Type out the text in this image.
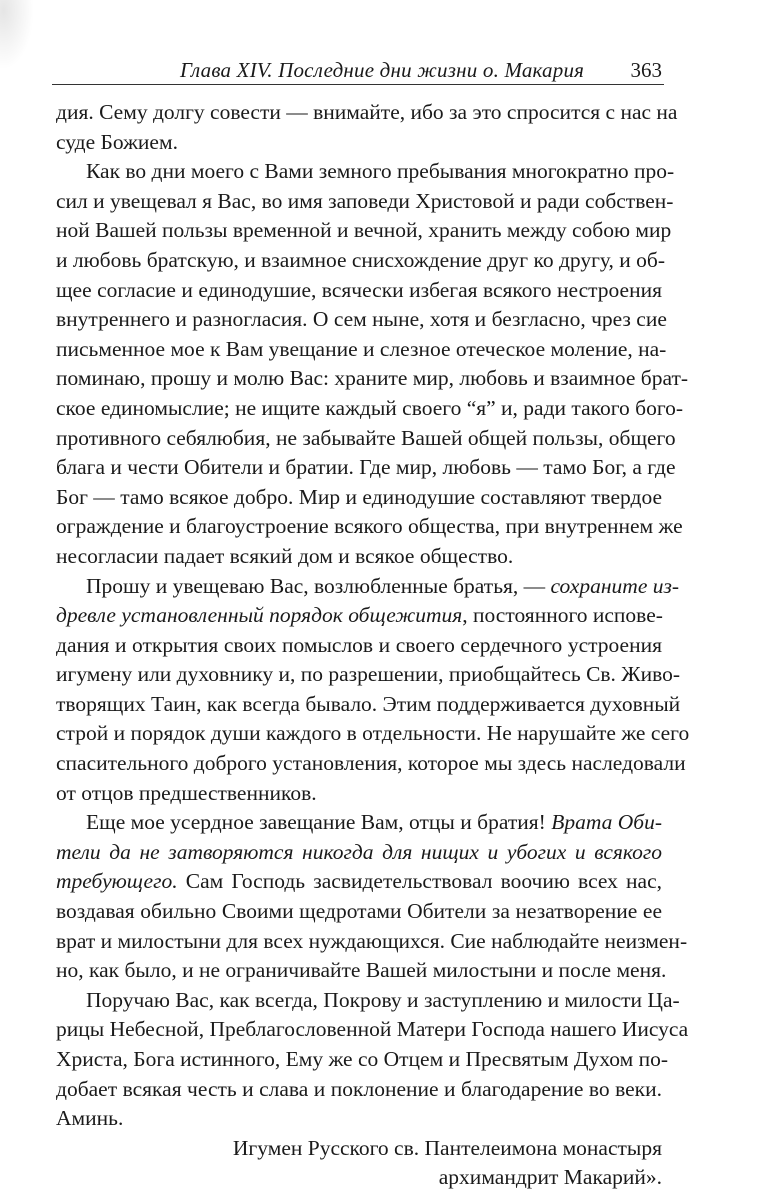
Глава XIV. Последние дни жизни о. Макария 363
дия. Сему долгу совести — внимайте, ибо за это спросится с нас на
суде Божием.
Как во дни моего с Вами земного пребывания многократно про-
сил и увещевал я Вас, во имя заповеди Христовой и ради собствен-
ной Вашей пользы временной и вечной, хранить между собою мир
и любовь братскую, и взаимное снисхождение друг ко другу, и об-
щее согласие и единодушие, всячески избегая всякого нестроения
внутреннего и разногласия. О сем ныне, хотя и безгласно, чрез сие
письменное мое к Вам увещание и слезное отеческое моление, на-
поминаю, прошу и молю Вас: храните мир, любовь и взаимное брат-
ское единомыслие; не ищите каждый своего “я” и, ради такого бого-
противного себялюбия, не забывайте Вашей общей пользы, общего
блага и чести Обители и братии. Где мир, любовь — тамо Бог, а где
Бог — тамо всякое добро. Мир и единодушие составляют твердое
ограждение и благоустроение всякого общества, при внутреннем же
несогласии падает всякий дом и всякое общество.
Прошу и увещеваю Вас, возлюбленные братья, — сохраните из-
древле установленный порядок общежития, постоянного испове-
дания и открытия своих помыслов и своего сердечного устроения
игумену или духовнику и, по разрешении, приобщайтесь Св. Живо-
творящих Таин, как всегда бывало. Этим поддерживается духовный
строй и порядок души каждого в отдельности. Не нарушайте же сего
спасительного доброго установления, которое мы здесь наследовали
от отцов предшественников.
Еще мое усердное завещание Вам, отцы и братия! Врата Оби-
тели да не затворяются никогда для нищих и убогих и всякого
требующего. Сам Господь засвидетельствовал воочию всех нас,
воздавая обильно Своими щедротами Обители за незатворение ее
врат и милостыни для всех нуждающихся. Сие наблюдайте неизмен-
но, как было, и не ограничивайте Вашей милостыни и после меня.
Поручаю Вас, как всегда, Покрову и заступлению и милости Ца-
рицы Небесной, Преблагословенной Матери Господа нашего Иисуса
Христа, Бога истинного, Ему же со Отцем и Пресвятым Духом по-
добает всякая честь и слава и поклонение и благодарение во веки.
Аминь.
Игумен Русского св. Пантелеимона монастыря
архимандрит Макарий».
